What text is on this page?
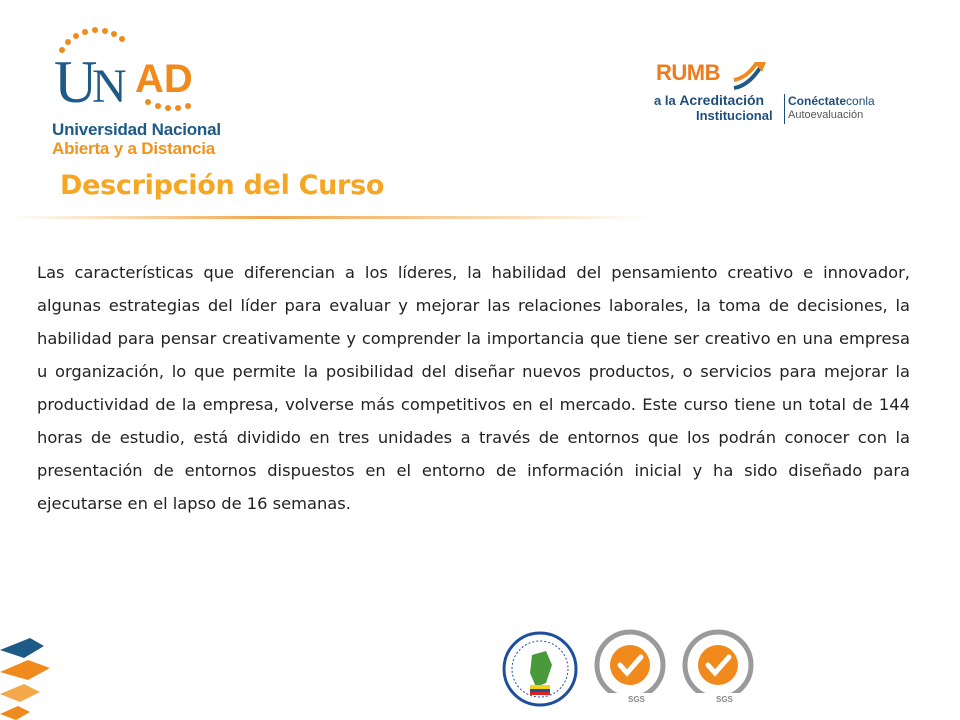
U
N AD
Universidad Nacional
Abierta y a Distancia
RUMB
a la Acreditación
Institucional
Conéctateconla
Autoevaluación
Descripción del Curso

Las características que diferencian a los líderes, la habilidad del pensamiento creativo e innovador, algunas estrategias del líder para evaluar y mejorar las relaciones laborales, la toma de decisiones, la habilidad para pensar creativamente y comprender la importancia que tiene ser creativo en una empresa u organización, lo que permite la posibilidad del diseñar nuevos productos, o servicios para mejorar la productividad de la empresa, volverse más competitivos en el mercado. Este curso tiene un total de 144 horas de estudio, está dividido en tres unidades a través de entornos que los podrán conocer con la presentación de entornos dispuestos en el entorno de información inicial y ha sido diseñado para ejecutarse en el lapso de 16 semanas.

SGS	SGS
